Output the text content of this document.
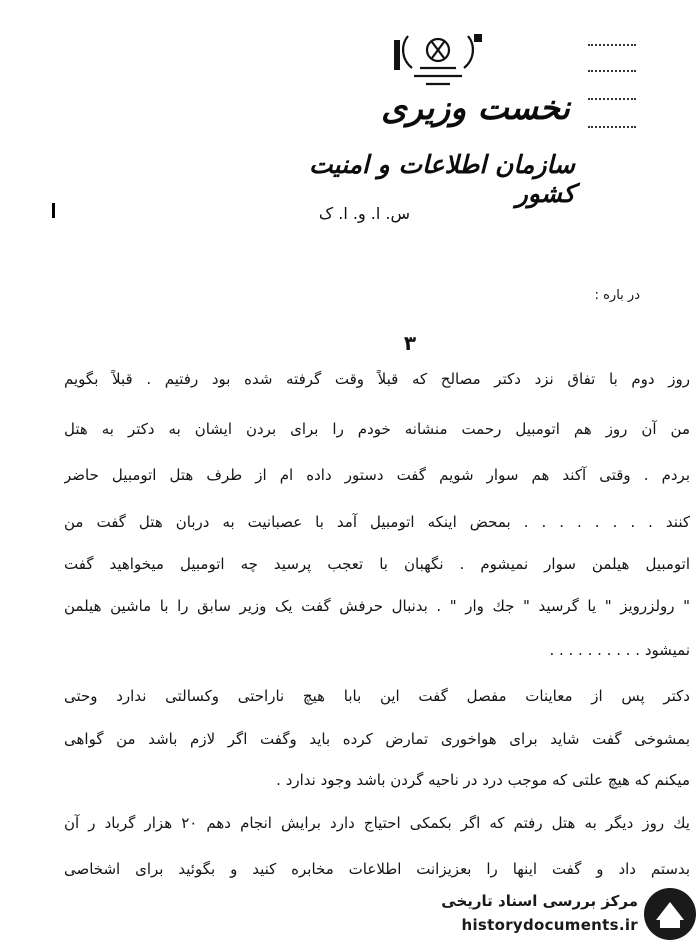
نخست وزیری
سازمان اطلاعات و امنیت کشور
س. ا. و. ا. ک
در باره :
۳
روز دوم با تفاق نزد دکتر مصالح که قبلاً وقت گرفته شده بود رفتیم . قبلاً بگویم
من آن روز هم اتومبیل رحمت منشانه خودم را برای بردن ایشان به دکتر به هتل
بردم . وقتی آکند هم سوار شویم گفت دستور داده ام از طرف هتل اتومبیل حاضر
کنند . . . . . . . . بمحض اینکه اتومبیل آمد با عصبانیت به دربان هتل گفت من
اتومبیل هیلمن سوار نمیشوم . نگهبان با تعجب پرسید چه اتومبیل میخواهید گفت
" رولزرویز " یا گرسید " جك وار " . بدنبال حرفش گفت یک وزیر سابق را با ماشین هیلمن
نمیشود . . . . . . . . . .
دکتر پس از معاینات مفصل گفت این بابا هیچ ناراحتی وکسالتی ندارد وحتی
بمشوخی گفت شاید برای هواخوری تمارض کرده باید وگفت اگر لازم باشد من گواهی
میکنم که هیچ علتی که موجب درد در ناحیه گردن باشد وجود ندارد .
یك روز دیگر به هتل رفتم که اگر بکمکی احتیاج دارد برایش انجام دهم ۲۰ هزار گرباد ر آن
بدستم داد و گفت اینها را بعزیزانت اطلاعات مخابره کنید و بگوئید برای اشخاصی
مرکز بررسی اسناد تاریخی
historydocuments.ir
